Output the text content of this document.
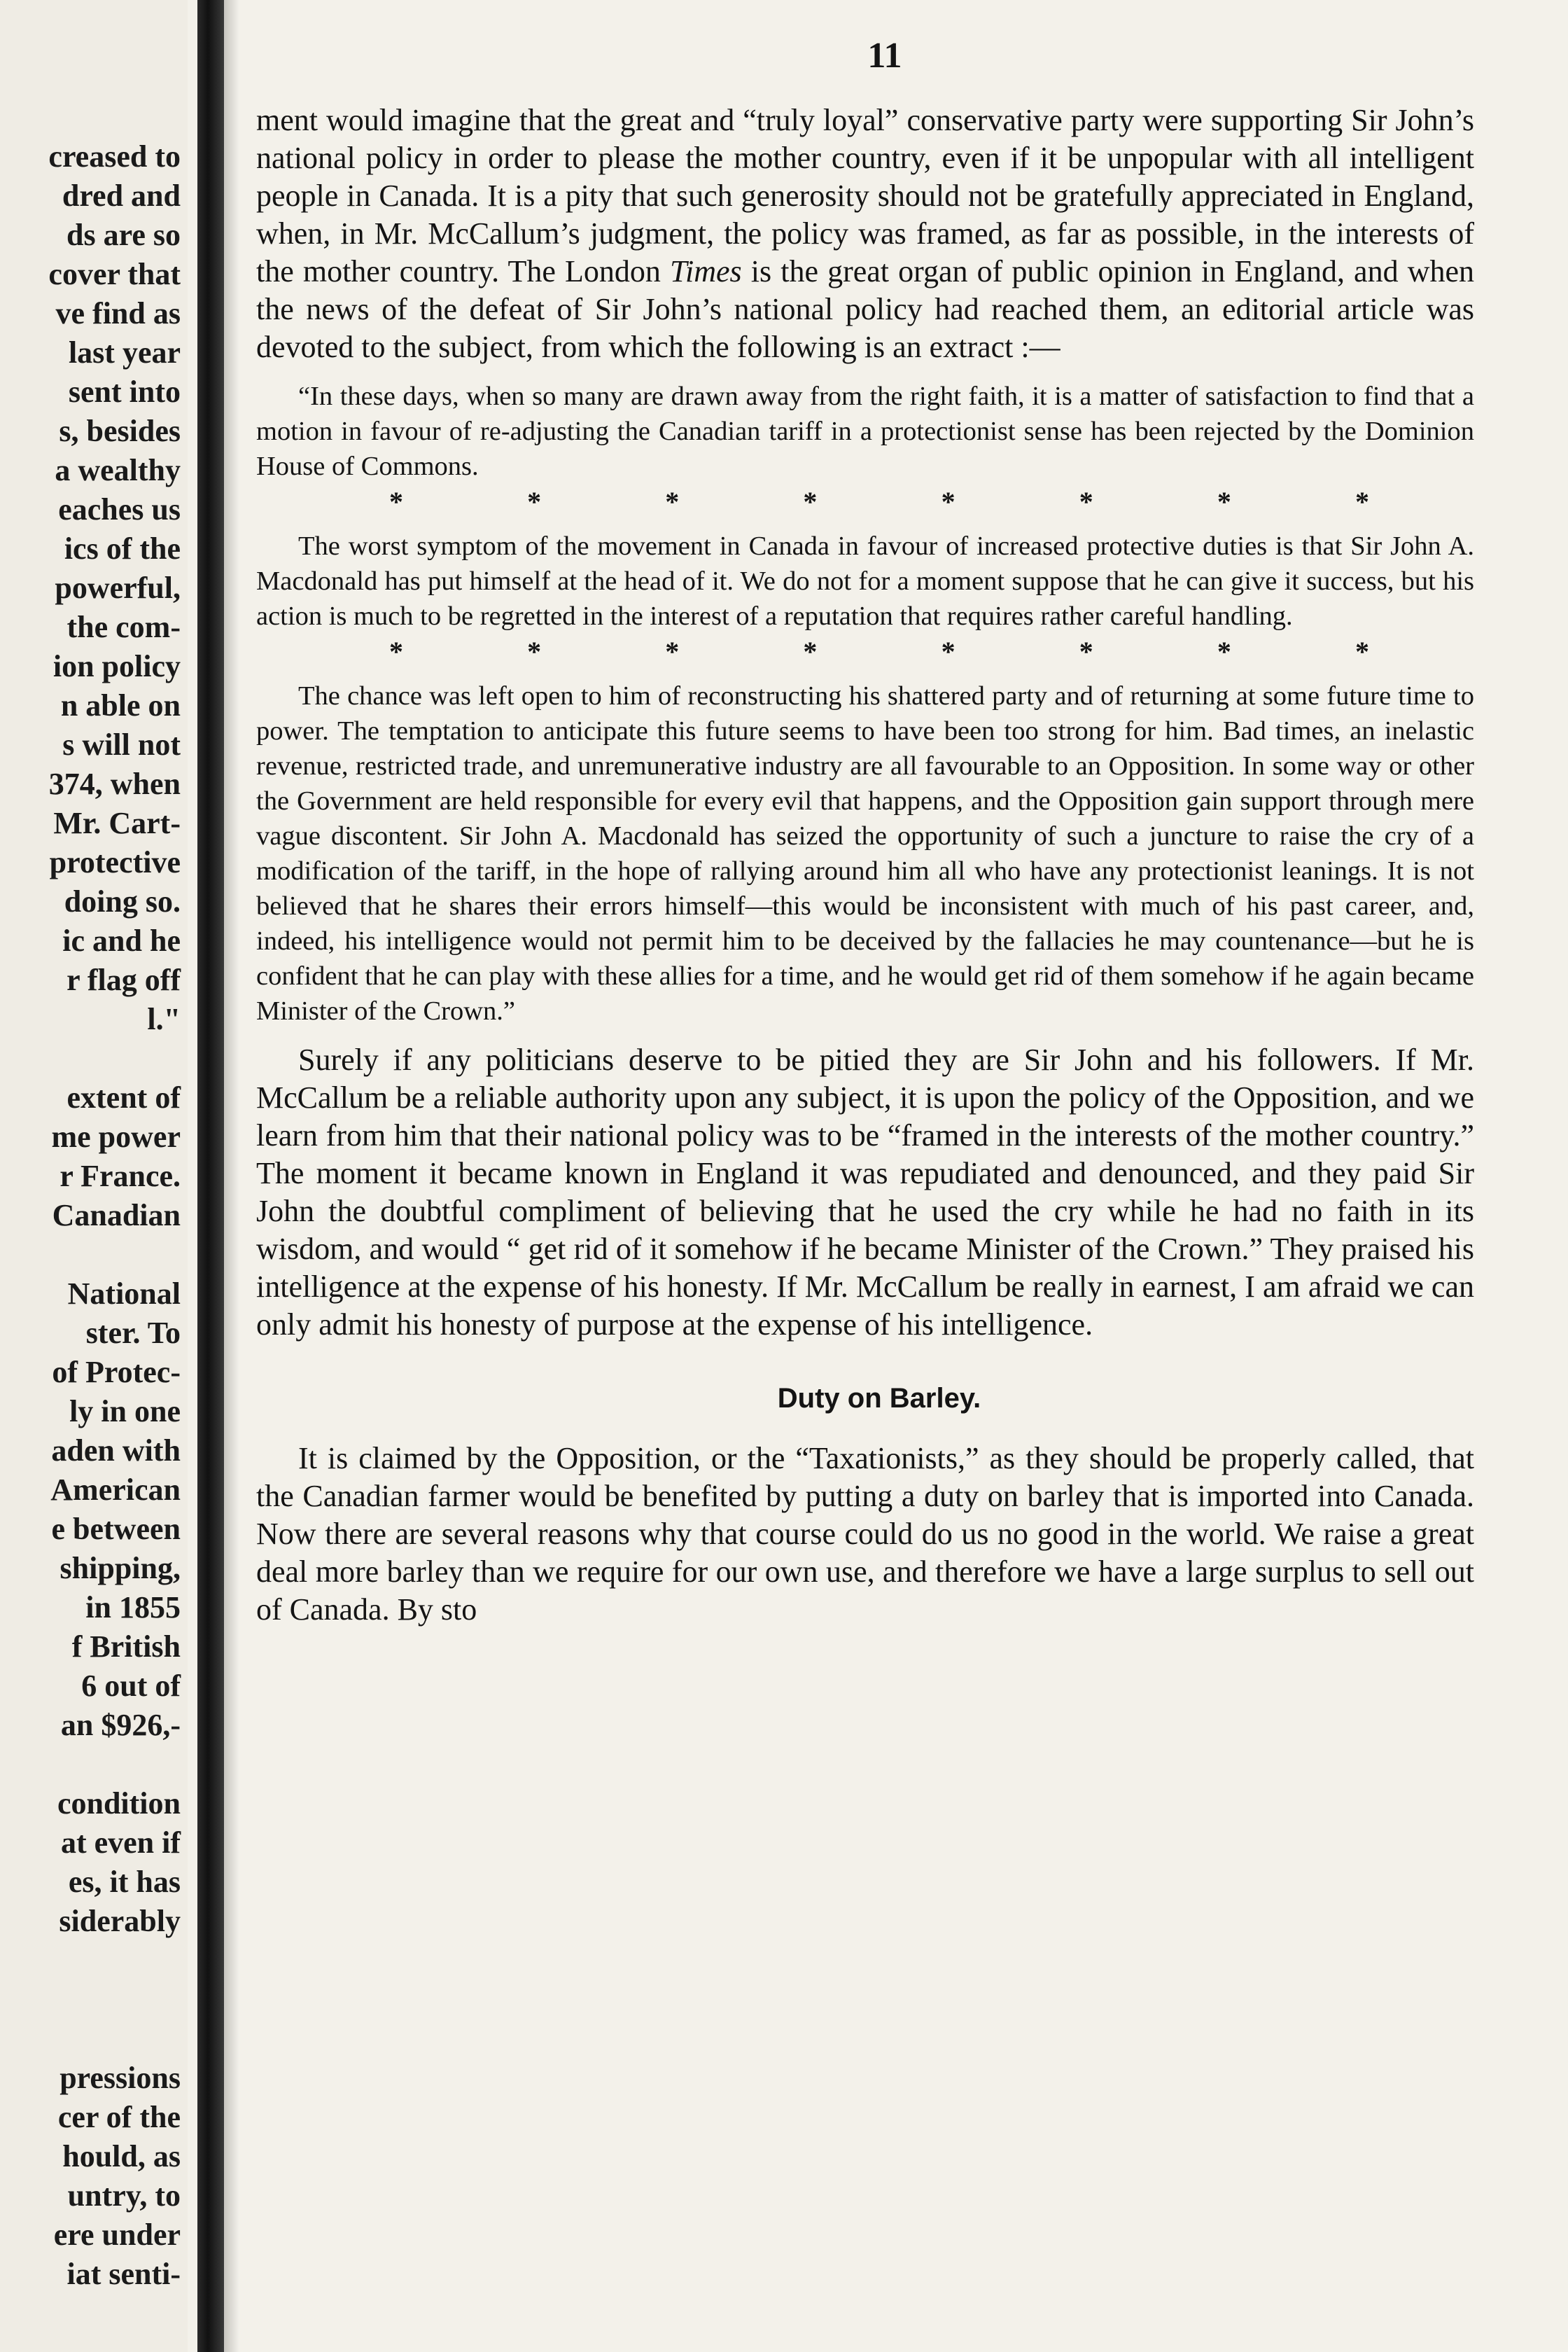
creased to
dred and
ds are so
cover that
ve find as
last year
sent into
s, besides
a wealthy
eaches us
ics of the
powerful,
the com-
ion policy
n able on
s will not
374, when
Mr. Cart-
protective
doing so.
ic and he
r flag off
l."
extent of
me power
r France.
Canadian
National
ster. To
of Protec-
ly in one
aden with
American
e between
shipping,
in 1855
f British
6 out of
an $926,-
condition
at even if
es, it has
siderably
pressions
cer of the
hould, as
untry, to
ere under
iat senti-
11

ment would imagine that the great and “truly loyal” conservative party were supporting Sir John’s national policy in order to please the mother country, even if it be unpopular with all intelligent people in Canada. It is a pity that such generosity should not be gratefully appreciated in England, when, in Mr. McCallum’s judgment, the policy was framed, as far as possible, in the interests of the mother country. The London Times is the great organ of public opinion in England, and when the news of the defeat of Sir John’s national policy had reached them, an editorial article was devoted to the subject, from which the following is an extract :—

“In these days, when so many are drawn away from the right faith, it is a matter of satisfaction to find that a motion in favour of re-adjusting the Canadian tariff in a protectionist sense has been rejected by the Dominion House of Commons.

*	*	*	*	*	*	*	*

The worst symptom of the movement in Canada in favour of increased protective duties is that Sir John A. Macdonald has put himself at the head of it. We do not for a moment suppose that he can give it success, but his action is much to be regretted in the interest of a reputation that requires rather careful handling.

*	*	*	*	*	*	*	*

The chance was left open to him of reconstructing his shattered party and of returning at some future time to power. The temptation to anticipate this future seems to have been too strong for him. Bad times, an inelastic revenue, restricted trade, and unremunerative industry are all favourable to an Opposition. In some way or other the Government are held responsible for every evil that happens, and the Opposition gain support through mere vague discontent. Sir John A. Macdonald has seized the opportunity of such a juncture to raise the cry of a modification of the tariff, in the hope of rallying around him all who have any protectionist leanings. It is not believed that he shares their errors himself—this would be inconsistent with much of his past career, and, indeed, his intelligence would not permit him to be deceived by the fallacies he may countenance—but he is confident that he can play with these allies for a time, and he would get rid of them somehow if he again became Minister of the Crown.”

Surely if any politicians deserve to be pitied they are Sir John and his followers. If Mr. McCallum be a reliable authority upon any subject, it is upon the policy of the Opposition, and we learn from him that their national policy was to be “framed in the interests of the mother country.” The moment it became known in England it was repudiated and denounced, and they paid Sir John the doubtful compliment of believing that he used the cry while he had no faith in its wisdom, and would “ get rid of it somehow if he became Minister of the Crown.” They praised his intelligence at the expense of his honesty. If Mr. McCallum be really in earnest, I am afraid we can only admit his honesty of purpose at the expense of his intelligence.

Duty on Barley.

It is claimed by the Opposition, or the “Taxationists,” as they should be properly called, that the Canadian farmer would be benefited by putting a duty on barley that is imported into Canada. Now there are several reasons why that course could do us no good in the world. We raise a great deal more barley than we require for our own use, and therefore we have a large surplus to sell out of Canada. By sto
